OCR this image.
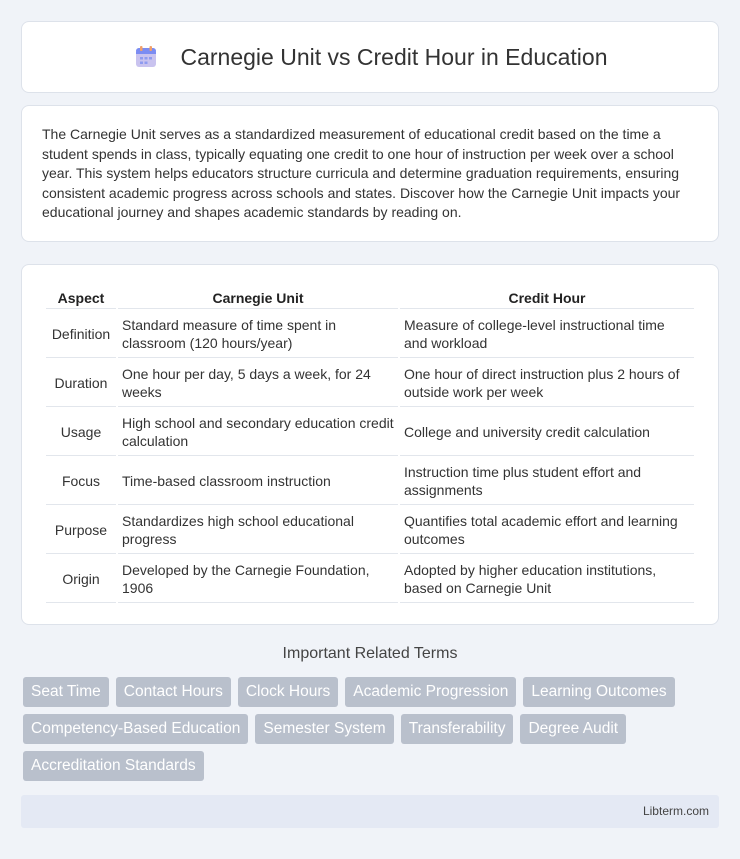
Carnegie Unit vs Credit Hour in Education

The Carnegie Unit serves as a standardized measurement of educational credit based on the time a student spends in class, typically equating one credit to one hour of instruction per week over a school year. This system helps educators structure curricula and determine graduation requirements, ensuring consistent academic progress across schools and states. Discover how the Carnegie Unit impacts your educational journey and shapes academic standards by reading on.

Aspect	Carnegie Unit	Credit Hour
Definition	Standard measure of time spent in classroom (120 hours/year)	Measure of college-level instructional time and workload
Duration	One hour per day, 5 days a week, for 24 weeks	One hour of direct instruction plus 2 hours of outside work per week
Usage	High school and secondary education credit calculation	College and university credit calculation
Focus	Time-based classroom instruction	Instruction time plus student effort and assignments
Purpose	Standardizes high school educational progress	Quantifies total academic effort and learning outcomes
Origin	Developed by the Carnegie Foundation, 1906	Adopted by higher education institutions, based on Carnegie Unit
Important Related Terms
Seat Time	Contact Hours	Clock Hours	Academic Progression	Learning Outcomes
Competency-Based Education	Semester System	Transferability	Degree Audit
Accreditation Standards
Libterm.com
